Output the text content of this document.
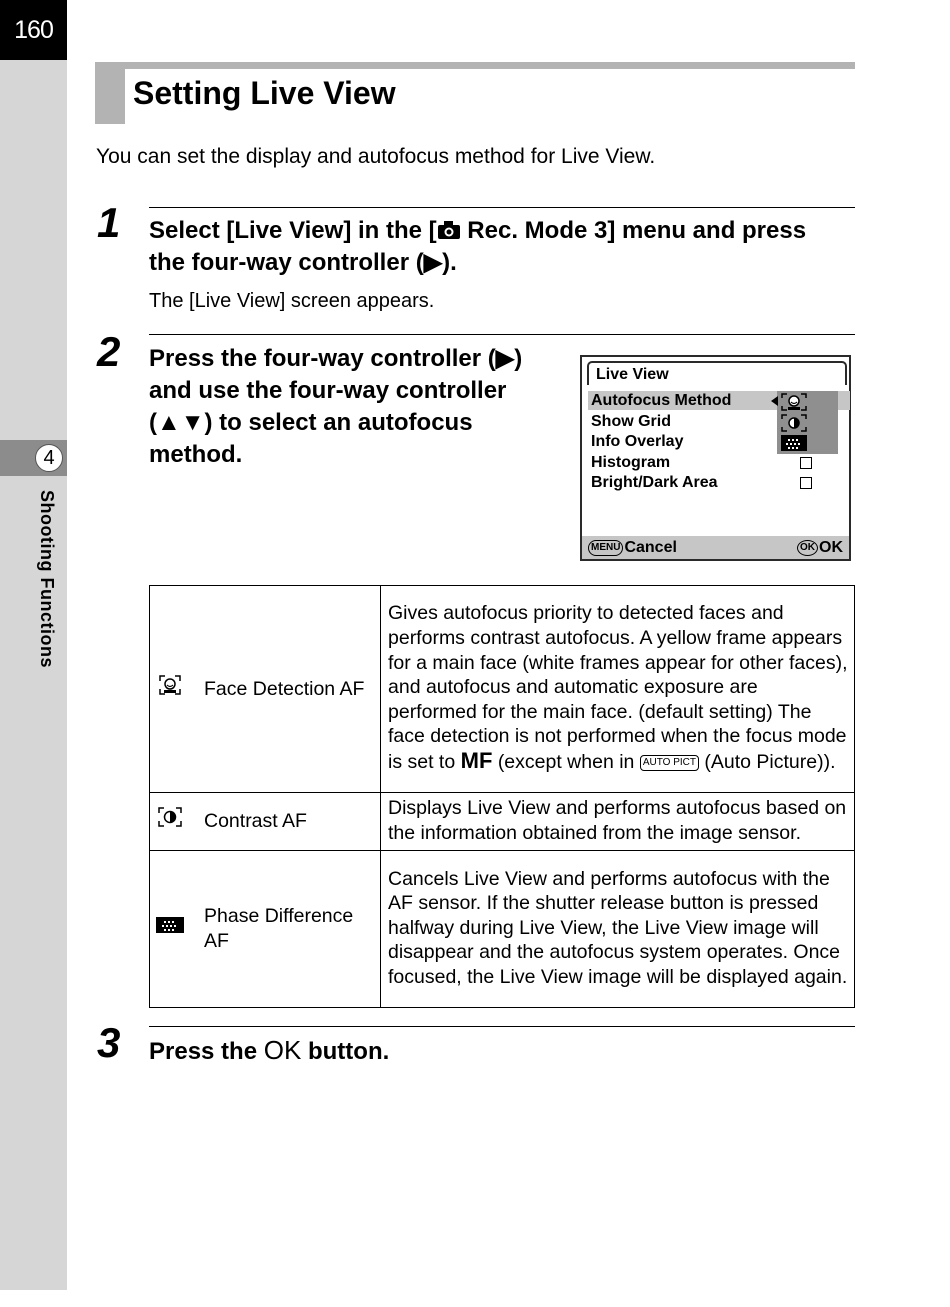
160
4
Shooting Functions
Setting Live View
You can set the display and autofocus method for Live View.
1 Select [Live View] in the [ Rec. Mode 3] menu and press
the four-way controller (▶).
The [Live View] screen appears.
2 Press the four-way controller (▶)
and use the four-way controller
(▲▼) to select an autofocus
method.
Live View
Autofocus Method
Show Grid
Info Overlay
Histogram
Bright/Dark Area
MENU Cancel	OK OK
	Face Detection AF	Gives autofocus priority to detected faces and performs contrast autofocus. A yellow frame appears for a main face (white frames appear for other faces), and autofocus and automatic exposure are performed for the main face. (default setting) The face detection is not performed when the focus mode is set to MF (except when in AUTO PICT (Auto Picture)).
	Contrast AF	Displays Live View and performs autofocus based on the information obtained from the image sensor.
	Phase Difference AF	Cancels Live View and performs autofocus with the AF sensor. If the shutter release button is pressed halfway during Live View, the Live View image will disappear and the autofocus system operates. Once focused, the Live View image will be displayed again.
3 Press the OK button.
